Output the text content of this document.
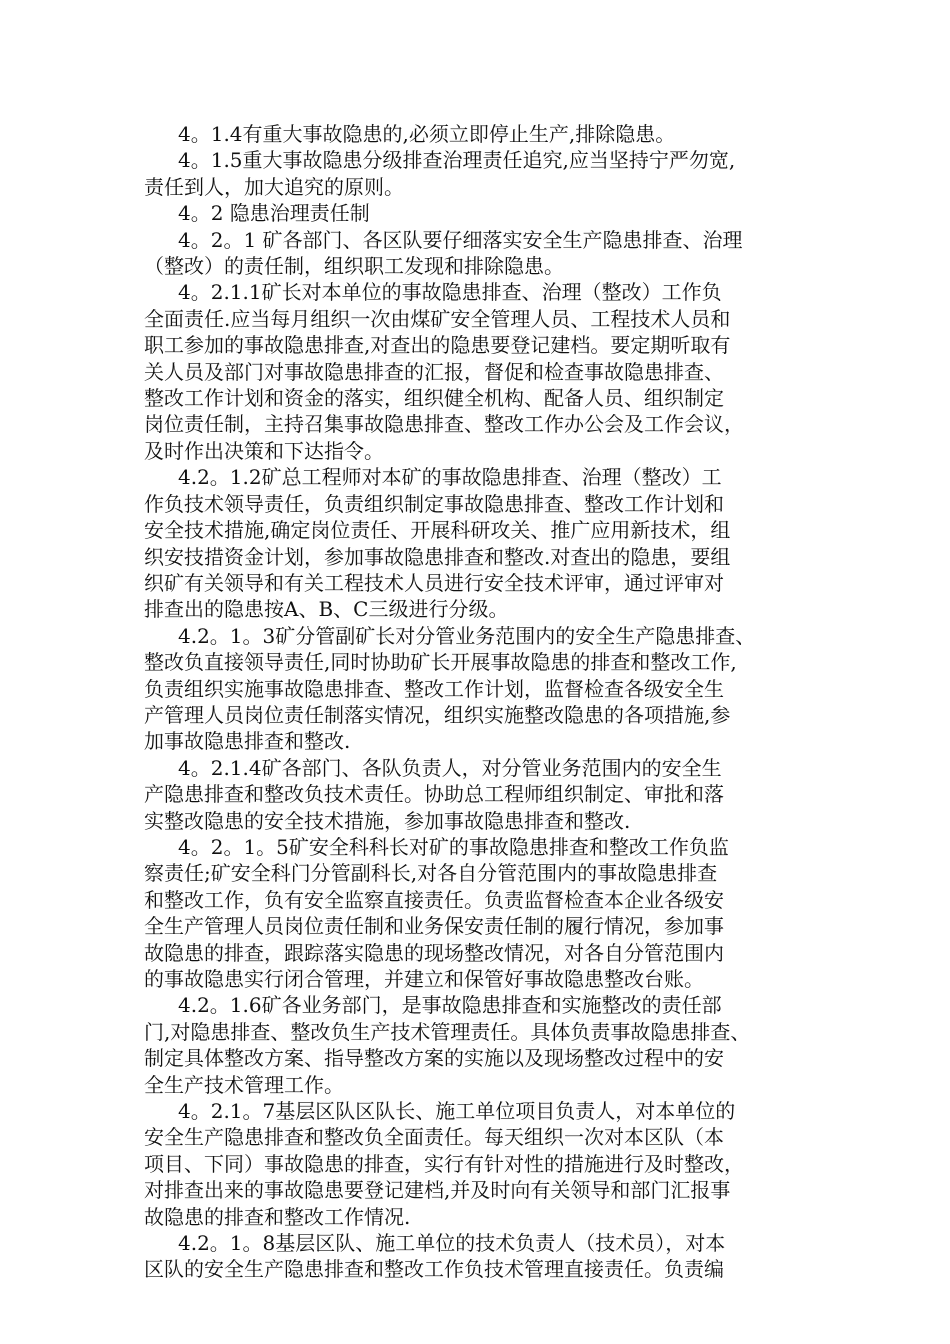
4。1.4有重大事故隐患的,必须立即停止生产,排除隐患。
4。1.5重大事故隐患分级排查治理责任追究,应当坚持宁严勿宽,
责任到人，加大追究的原则。
4。2 隐患治理责任制
4。2。1 矿各部门、各区队要仔细落实安全生产隐患排查、治理
（整改）的责任制，组织职工发现和排除隐患。
4。2.1.1矿长对本单位的事故隐患排查、治理（整改）工作负
全面责任.应当每月组织一次由煤矿安全管理人员、工程技术人员和
职工参加的事故隐患排查,对查出的隐患要登记建档。要定期听取有
关人员及部门对事故隐患排查的汇报，督促和检查事故隐患排查、
整改工作计划和资金的落实，组织健全机构、配备人员、组织制定
岗位责任制，主持召集事故隐患排查、整改工作办公会及工作会议，
及时作出决策和下达指令。
4.2。1.2矿总工程师对本矿的事故隐患排查、治理（整改）工
作负技术领导责任，负责组织制定事故隐患排查、整改工作计划和
安全技术措施,确定岗位责任、开展科研攻关、推广应用新技术，组
织安技措资金计划，参加事故隐患排查和整改.对查出的隐患，要组
织矿有关领导和有关工程技术人员进行安全技术评审，通过评审对
排查出的隐患按A、B、C三级进行分级。
4.2。1。3矿分管副矿长对分管业务范围内的安全生产隐患排查、
整改负直接领导责任,同时协助矿长开展事故隐患的排查和整改工作,
负责组织实施事故隐患排查、整改工作计划，监督检查各级安全生
产管理人员岗位责任制落实情况，组织实施整改隐患的各项措施,参
加事故隐患排查和整改.
4。2.1.4矿各部门、各队负责人，对分管业务范围内的安全生
产隐患排查和整改负技术责任。协助总工程师组织制定、审批和落
实整改隐患的安全技术措施，参加事故隐患排查和整改.
4。2。1。5矿安全科科长对矿的事故隐患排查和整改工作负监
察责任;矿安全科门分管副科长,对各自分管范围内的事故隐患排查
和整改工作，负有安全监察直接责任。负责监督检查本企业各级安
全生产管理人员岗位责任制和业务保安责任制的履行情况，参加事
故隐患的排查，跟踪落实隐患的现场整改情况，对各自分管范围内
的事故隐患实行闭合管理，并建立和保管好事故隐患整改台账。
4.2。1.6矿各业务部门，是事故隐患排查和实施整改的责任部
门,对隐患排查、整改负生产技术管理责任。具体负责事故隐患排查、
制定具体整改方案、指导整改方案的实施以及现场整改过程中的安
全生产技术管理工作。
4。2.1。7基层区队区队长、施工单位项目负责人，对本单位的
安全生产隐患排查和整改负全面责任。每天组织一次对本区队（本
项目、下同）事故隐患的排查，实行有针对性的措施进行及时整改，
对排查出来的事故隐患要登记建档,并及时向有关领导和部门汇报事
故隐患的排查和整改工作情况.
4.2。1。8基层区队、施工单位的技术负责人（技术员），对本
区队的安全生产隐患排查和整改工作负技术管理直接责任。负责编
